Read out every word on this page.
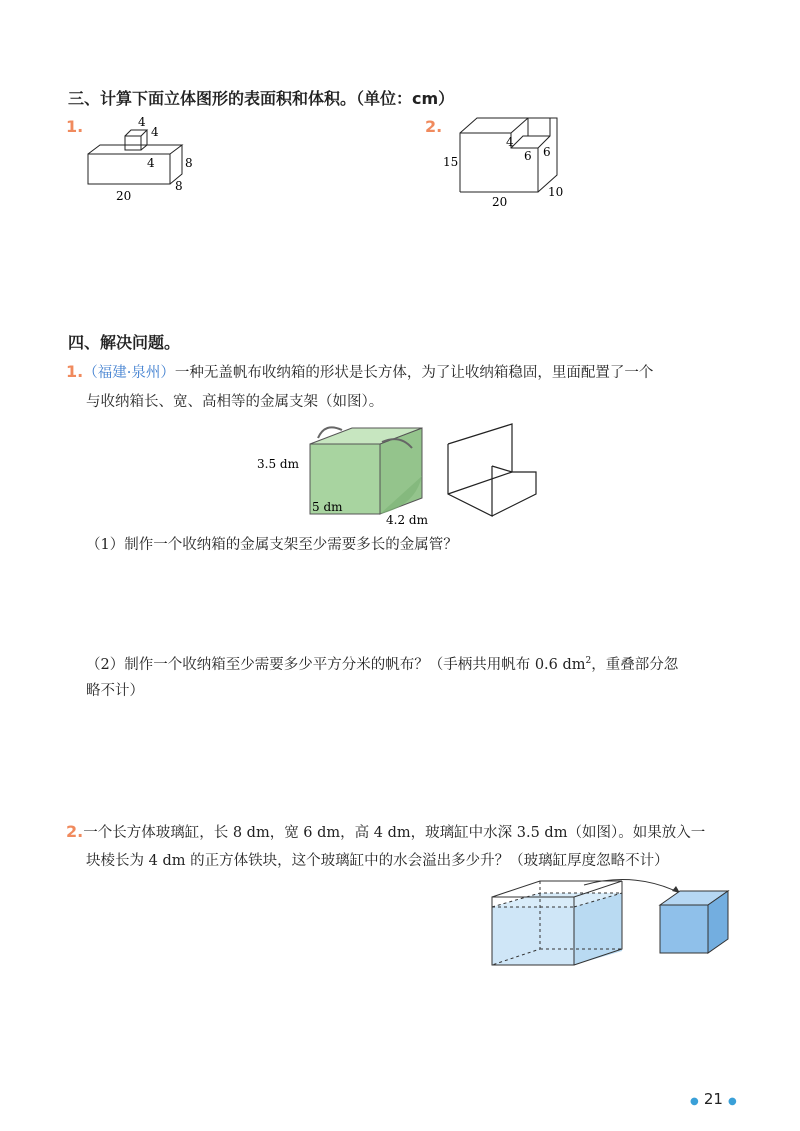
三、计算下面立体图形的表面积和体积。（单位：cm）
1.	4
4
4	8
20
8
2.
4
6 6
15
20
10
四、解决问题。
1.（福建·泉州）一种无盖帆布收纳箱的形状是长方体，为了让收纳箱稳固，里面配置了一个
与收纳箱长、宽、高相等的金属支架（如图）。
3.5 dm
5 dm
4.2 dm
（1）制作一个收纳箱的金属支架至少需要多长的金属管？
（2）制作一个收纳箱至少需要多少平方分米的帆布？（手柄共用帆布 0.6 $dm^2$，重叠部分忽
略不计）
2.一个长方体玻璃缸，长 8 dm，宽 6 dm，高 4 dm，玻璃缸中水深 3.5 dm（如图）。如果放入一
块棱长为 4 dm 的正方体铁块，这个玻璃缸中的水会溢出多少升？（玻璃缸厚度忽略不计）
● 21 ●
